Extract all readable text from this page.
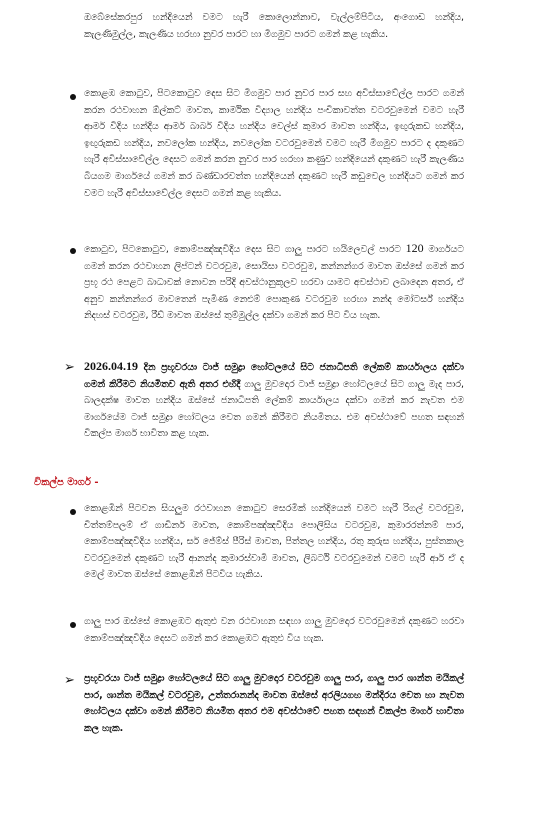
ඔබේසේකරපුර හන්දියෙන් වමට හැරී කොලොන්නාව, වැල්ලම්පිටිය, අංගොඩ හන්දිය, කැලණිමුල්ල, කැලණිය හරහා නුවර පාරට හා මීගමුව පාරට ගමන් කළ හැකිය.

කොළඹ කොටුව, පිටකොටුව දෙස සිට මීගමුව පාර නුවර පාර සහ අවිස්සාවේල්ල පාරට ගමන් කරන රථවාහන ඕල්කට් මාවත, කාර්මික විද්‍යාල හන්දිය පංචිකාවත්ත වටරවුමෙන් වමට හැරී ආමර් වීදිය හන්දිය ආමර් බාබර් වීදිය හන්දිය වෙල්ස් කුමාර මාවත හන්දිය, ඉඟුරුකඩ හන්දිය, ඉඟුරුකඩ හන්දිය, නවලෝක හන්දිය, නවලෝක වටරවුමෙන් වමට හැරී මීගමුව පාරට ද දකුණට හැරී අවිස්සාවේල්ල දෙසට ගමන් කරන නුවර පාර හරහා කණුව හන්දියෙන් දකුණට හැරී කැලණිය බියගම මාර්ගයේ ගමන් කර බණ්ඩාරවත්ත හන්දියෙන් දකුණට හැරී කඩුවෙල හන්දියට ගමන් කර වමට හැරී අවිස්සාවේල්ල දෙසට ගමන් කළ හැකිය.

කොටුව, පිටකොටුව, කොම්පඤ්ඤවීදිය දෙස සිට ගාලු පාරට හයිලෙවල් පාරට 120 මාර්ගයට ගමන් කරන රථවාහන ලිප්ටන් වටරවුම, සොයිසා වටරවුම, කන්නන්ගර මාවත ඔස්සේ ගමන් කර ප්‍රභූ රථ පෙළට බාධාවක් නොවන පරිදි අවස්ථානුකූලව හරවා යාමට අවස්ථාව ලබාදෙන අතර, ඒ අනුව කන්නන්ගර මාවතෙන් පැමිණ නෙළුම් පොකුණ වටරවුම හරහා නන්ද මෝටර්ස් හන්දිය නිදහස් වටරවුම, රීඩ් මාවත ඔස්සේ තුම්මුල්ල දක්වා ගමන් කර පිට විය හැක.

➢ 2026.04.19 දින ප්‍රභූවරයා ටාජ් සමුද්‍රා හෝටලයේ සිට ජනාධිපති ලේකම් කාර්යාලය දක්වා ගමන් කිරීමට නියමිතව ඇති අතර එහිදී ගාලු මුවදොර ටාජ් සමුද්‍රා හෝටලයේ සිට ගාලු මැද පාර, බාලදක්ෂ මාවත හන්දිය ඔස්සේ ජනාධිපති ලේකම් කාර්යාලය දක්වා ගමන් කර නැවත එම මාර්ගයේම ටාජ් සමුද්‍රා හෝටලය වෙත ගමන් කිරීමට නියමිතය. එම අවස්ථාවේ පහත සඳහන් විකල්ප මාර්ග භාවිතා කළ හැක.

විකල්ප මාර්ග -

කොළඹින් පිටවන සියලුම රථවාහන කොටුව සෙරමික් හන්දියෙන් වමට හැරී රිගල් වටරවුම, චිත්තම්පලම් ඒ ගාඩිනර් මාවත, කොම්පඤ්ඤවීදිය පොලිසිය වටරවුම, කුමාරරත්නම් පාර, කොම්පඤ්ඤවීදිය හන්දිය, සර් ජේම්ස් පීරිස් මාවත, පිත්තල හන්දිය, රතු කුරුස හන්දිය, පුස්තකාල වටරවුමෙන් දකුණට හැරී ආනන්ද කුමාරස්වාමි මාවත, ලිබර්ටි වටරවුමෙන් වමට හැරී ආර් ඒ ද මෙල් මාවත ඔස්සේ කොළඹින් පිටවිය හැකිය.

ගාලු පාර ඔස්සේ කොළඹට ඇතුළු වන රථවාහන සඳහා ගාලු මුවදොර වටරවුමෙන් දකුණට හරවා කොම්පඤ්ඤවීදිය දෙසට ගමන් කර කොළඹට ඇතුළු විය හැක.

➢ ප්‍රභූවරයා ටාජ් සමුද්‍රා හෝටලයේ සිට ගාලු මුවදොර වටරවුම ගාලු පාර, ගාලු පාර ශාන්ත මයිකල් පාර, ශාන්ත මයිකල් වටරවුම, උත්තරානන්ද මාවත ඔස්සේ අරලියගහ මන්දිරය වෙත හා නැවත හෝටලය දක්වා ගමන් කිරීමට නියමිත අතර එම අවස්ථාවේ පහත සඳහන් විකල්ප මාර්ග භාවිතා කල හැක.
